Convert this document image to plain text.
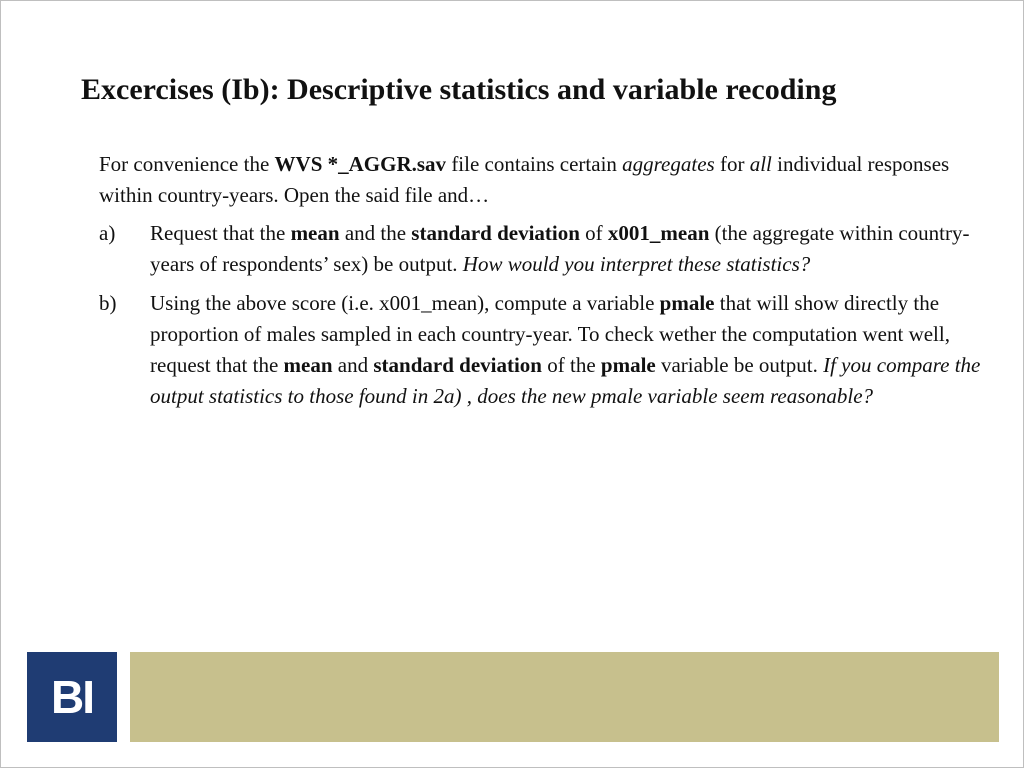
Excercises (Ib): Descriptive statistics and variable recoding

For convenience the WVS *_AGGR.sav file contains certain aggregates for all individual responses within country-years. Open the said file and…

a) Request that the mean and the standard deviation of x001_mean (the aggregate within country-years of respondents’ sex) be output. How would you interpret these statistics?
b) Using the above score (i.e. x001_mean), compute a variable pmale that will show directly the proportion of males sampled in each country-year. To check wether the computation went well, request that the mean and standard deviation of the pmale variable be output. If you compare the output statistics to those found in 2a) , does the new pmale variable seem reasonable?
BI
